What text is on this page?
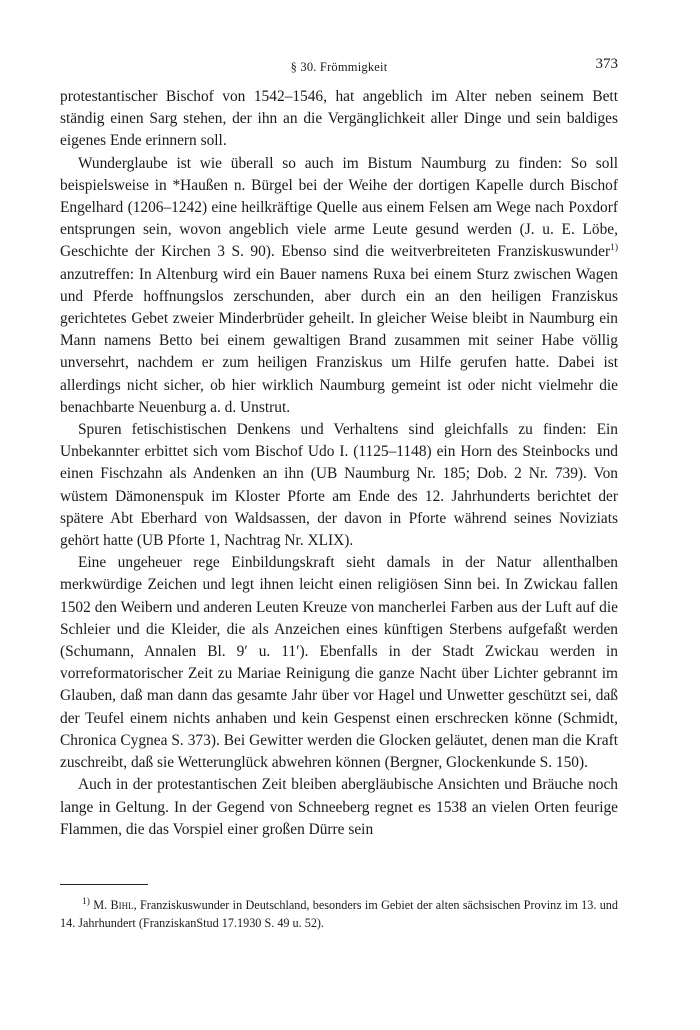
§ 30. Frömmigkeit	373

protestantischer Bischof von 1542–1546, hat angeblich im Alter neben seinem Bett ständig einen Sarg stehen, der ihn an die Vergänglichkeit aller Dinge und sein baldiges eigenes Ende erinnern soll.

Wunderglaube ist wie überall so auch im Bistum Naumburg zu finden: So soll beispielsweise in *Haußen n. Bürgel bei der Weihe der dortigen Kapelle durch Bischof Engelhard (1206–1242) eine heilkräftige Quelle aus einem Felsen am Wege nach Poxdorf entsprungen sein, wovon angeblich viele arme Leute gesund werden (J. u. E. Löbe, Geschichte der Kirchen 3 S. 90). Ebenso sind die weitverbreiteten Franziskuswunder$^{1)}$ anzutreffen: In Altenburg wird ein Bauer namens Ruxa bei einem Sturz zwischen Wagen und Pferde hoffnungslos zerschunden, aber durch ein an den heiligen Franziskus gerichtetes Gebet zweier Minderbrüder geheilt. In gleicher Weise bleibt in Naumburg ein Mann namens Betto bei einem gewaltigen Brand zusammen mit seiner Habe völlig unversehrt, nachdem er zum heiligen Franziskus um Hilfe gerufen hatte. Dabei ist allerdings nicht sicher, ob hier wirklich Naumburg gemeint ist oder nicht vielmehr die benachbarte Neuenburg a. d. Unstrut.

Spuren fetischistischen Denkens und Verhaltens sind gleichfalls zu finden: Ein Unbekannter erbittet sich vom Bischof Udo I. (1125–1148) ein Horn des Steinbocks und einen Fischzahn als Andenken an ihn (UB Naumburg Nr. 185; Dob. 2 Nr. 739). Von wüstem Dämonenspuk im Kloster Pforte am Ende des 12. Jahrhunderts berichtet der spätere Abt Eberhard von Waldsassen, der davon in Pforte während seines Noviziats gehört hatte (UB Pforte 1, Nachtrag Nr. XLIX).

Eine ungeheuer rege Einbildungskraft sieht damals in der Natur allenthalben merkwürdige Zeichen und legt ihnen leicht einen religiösen Sinn bei. In Zwickau fallen 1502 den Weibern und anderen Leuten Kreuze von mancherlei Farben aus der Luft auf die Schleier und die Kleider, die als Anzeichen eines künftigen Sterbens aufgefaßt werden (Schumann, Annalen Bl. 9′ u. 11′). Ebenfalls in der Stadt Zwickau werden in vorreformatorischer Zeit zu Mariae Reinigung die ganze Nacht über Lichter gebrannt im Glauben, daß man dann das gesamte Jahr über vor Hagel und Unwetter geschützt sei, daß der Teufel einem nichts anhaben und kein Gespenst einen erschrecken könne (Schmidt, Chronica Cygnea S. 373). Bei Gewitter werden die Glocken geläutet, denen man die Kraft zuschreibt, daß sie Wetterunglück abwehren können (Bergner, Glockenkunde S. 150).

Auch in der protestantischen Zeit bleiben abergläubische Ansichten und Bräuche noch lange in Geltung. In der Gegend von Schneeberg regnet es 1538 an vielen Orten feurige Flammen, die das Vorspiel einer großen Dürre sein

$^{1)}$ M. Bihl, Franziskuswunder in Deutschland, besonders im Gebiet der alten sächsischen Provinz im 13. und 14. Jahrhundert (FranziskanStud 17.1930 S. 49 u. 52).
